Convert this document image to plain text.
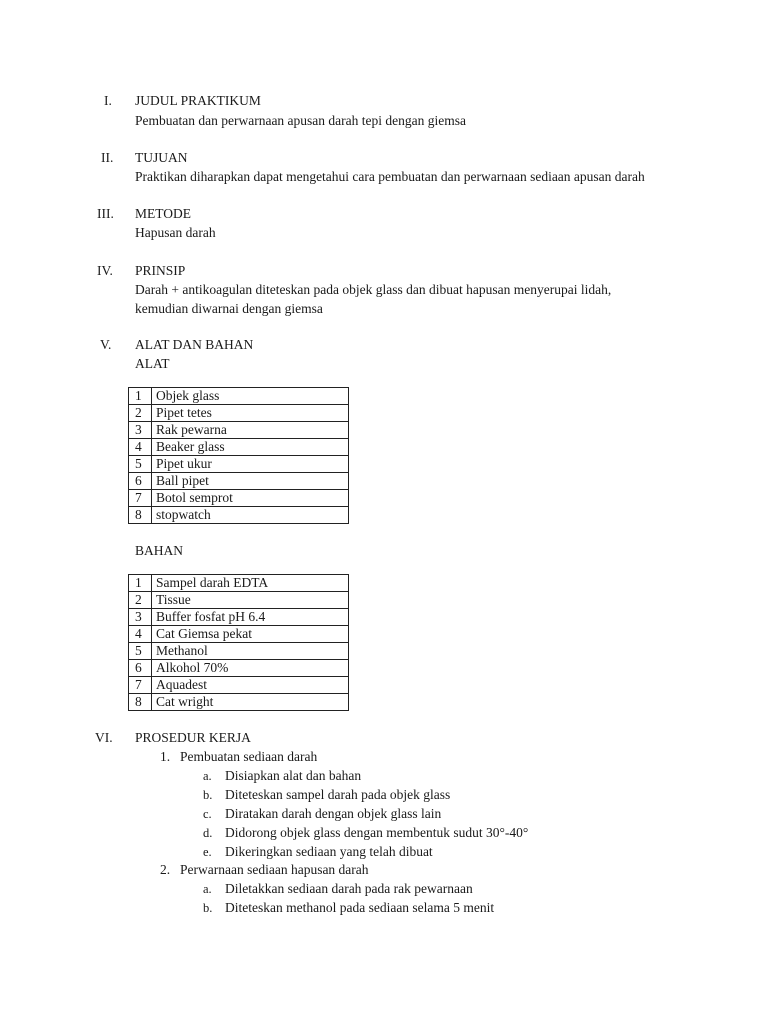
I. JUDUL PRAKTIKUM
Pembuatan dan perwarnaan apusan darah tepi dengan giemsa
II. TUJUAN
Praktikan diharapkan dapat mengetahui cara pembuatan dan perwarnaan sediaan apusan darah
III. METODE
Hapusan darah
IV. PRINSIP
Darah + antikoagulan diteteskan pada objek glass dan dibuat hapusan menyerupai lidah,
kemudian diwarnai dengan giemsa
V. ALAT DAN BAHAN
ALAT
1	Objek glass
2	Pipet tetes
3	Rak pewarna
4	Beaker glass
5	Pipet ukur
6	Ball pipet
7	Botol semprot
8	stopwatch
BAHAN
1	Sampel darah EDTA
2	Tissue
3	Buffer fosfat pH 6.4
4	Cat Giemsa pekat
5	Methanol
6	Alkohol 70%
7	Aquadest
8	Cat wright
VI. PROSEDUR KERJA
1. Pembuatan sediaan darah
a. Disiapkan alat dan bahan
b. Diteteskan sampel darah pada objek glass
c. Diratakan darah dengan objek glass lain
d. Didorong objek glass dengan membentuk sudut 30°-40°
e. Dikeringkan sediaan yang telah dibuat
2. Perwarnaan sediaan hapusan darah
a. Diletakkan sediaan darah pada rak pewarnaan
b. Diteteskan methanol pada sediaan selama 5 menit
